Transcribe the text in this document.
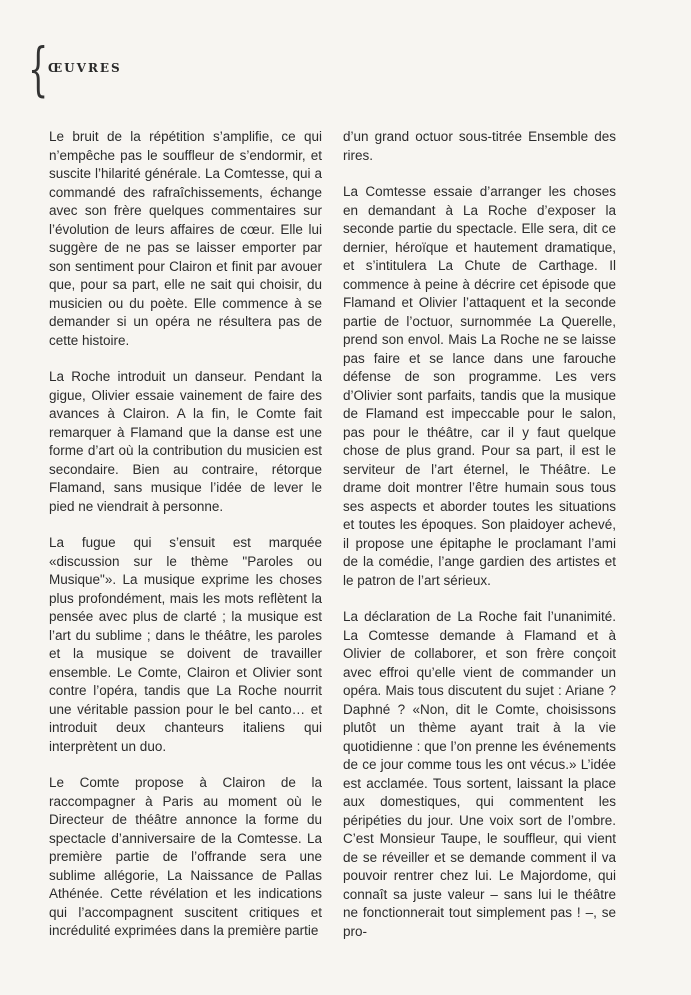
{ ŒUVRES

Le bruit de la répétition s’amplifie, ce qui n’empêche pas le souffleur de s’endormir, et suscite l’hilarité générale. La Comtesse, qui a commandé des rafraîchissements, échange avec son frère quelques commentaires sur l’évolution de leurs affaires de cœur. Elle lui suggère de ne pas se laisser emporter par son sentiment pour Clairon et finit par avouer que, pour sa part, elle ne sait qui choisir, du musicien ou du poète. Elle commence à se demander si un opéra ne résultera pas de cette histoire.

La Roche introduit un danseur. Pendant la gigue, Olivier essaie vainement de faire des avances à Clairon. A la fin, le Comte fait remarquer à Flamand que la danse est une forme d’art où la contribution du musicien est secondaire. Bien au contraire, rétorque Flamand, sans musique l’idée de lever le pied ne viendrait à personne.

La fugue qui s’ensuit est marquée «discussion sur le thème "Paroles ou Musique"». La musique exprime les choses plus profondément, mais les mots reflètent la pensée avec plus de clarté ; la musique est l’art du sublime ; dans le théâtre, les paroles et la musique se doivent de travailler ensemble. Le Comte, Clairon et Olivier sont contre l’opéra, tandis que La Roche nourrit une véritable passion pour le bel canto… et introduit deux chanteurs italiens qui interprètent un duo.

Le Comte propose à Clairon de la raccompagner à Paris au moment où le Directeur de théâtre annonce la forme du spectacle d’anniversaire de la Comtesse. La première partie de l’offrande sera une sublime allégorie, La Naissance de Pallas Athénée. Cette révélation et les indications qui l’accompagnent suscitent critiques et incrédulité exprimées dans la première partie

d’un grand octuor sous-titrée Ensemble des rires.

La Comtesse essaie d’arranger les choses en demandant à La Roche d’exposer la seconde partie du spectacle. Elle sera, dit ce dernier, héroïque et hautement dramatique, et s’intitulera La Chute de Carthage. Il commence à peine à décrire cet épisode que Flamand et Olivier l’attaquent et la seconde partie de l’octuor, surnommée La Querelle, prend son envol. Mais La Roche ne se laisse pas faire et se lance dans une farouche défense de son programme. Les vers d’Olivier sont parfaits, tandis que la musique de Flamand est impeccable pour le salon, pas pour le théâtre, car il y faut quelque chose de plus grand. Pour sa part, il est le serviteur de l’art éternel, le Théâtre. Le drame doit montrer l’être humain sous tous ses aspects et aborder toutes les situations et toutes les époques. Son plaidoyer achevé, il propose une épitaphe le proclamant l’ami de la comédie, l’ange gardien des artistes et le patron de l’art sérieux.

La déclaration de La Roche fait l’unanimité. La Comtesse demande à Flamand et à Olivier de collaborer, et son frère conçoit avec effroi qu’elle vient de commander un opéra. Mais tous discutent du sujet : Ariane ? Daphné ? «Non, dit le Comte, choisissons plutôt un thème ayant trait à la vie quotidienne : que l’on prenne les événements de ce jour comme tous les ont vécus.» L’idée est acclamée. Tous sortent, laissant la place aux domestiques, qui commentent les péripéties du jour. Une voix sort de l’ombre. C’est Monsieur Taupe, le souffleur, qui vient de se réveiller et se demande comment il va pouvoir rentrer chez lui. Le Majordome, qui connaît sa juste valeur – sans lui le théâtre ne fonctionnerait tout simplement pas ! –, se pro-
